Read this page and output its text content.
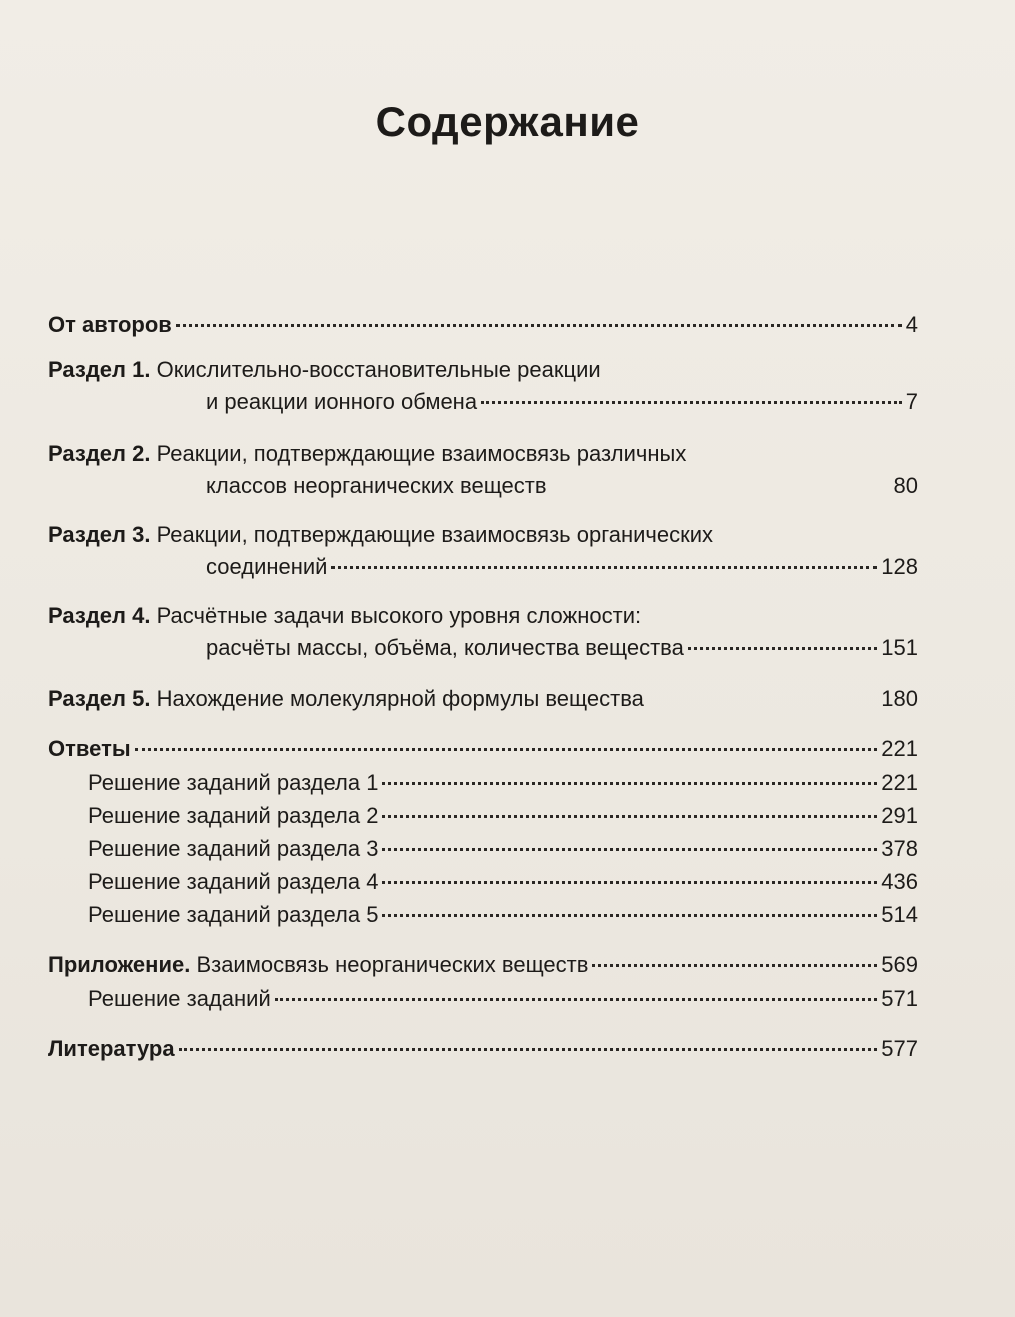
Содержание
От авторов	4
Раздел 1.
Окислительно-восстановительные реакции
и реакции ионного обмена	7
Раздел 2.
Реакции, подтверждающие взаимосвязь различных
классов неорганических веществ	80
Раздел 3.
Реакции, подтверждающие взаимосвязь органических
соединений	128
Раздел 4.
Расчётные задачи высокого уровня сложности:
расчёты массы, объёма, количества вещества	151
Раздел 5.
Нахождение молекулярной формулы вещества	180
Ответы	221
Решение заданий раздела 1	221
Решение заданий раздела 2	291
Решение заданий раздела 3	378
Решение заданий раздела 4	436
Решение заданий раздела 5	514
Приложение.
Взаимосвязь неорганических веществ	569
Решение заданий	571
Литература	577
